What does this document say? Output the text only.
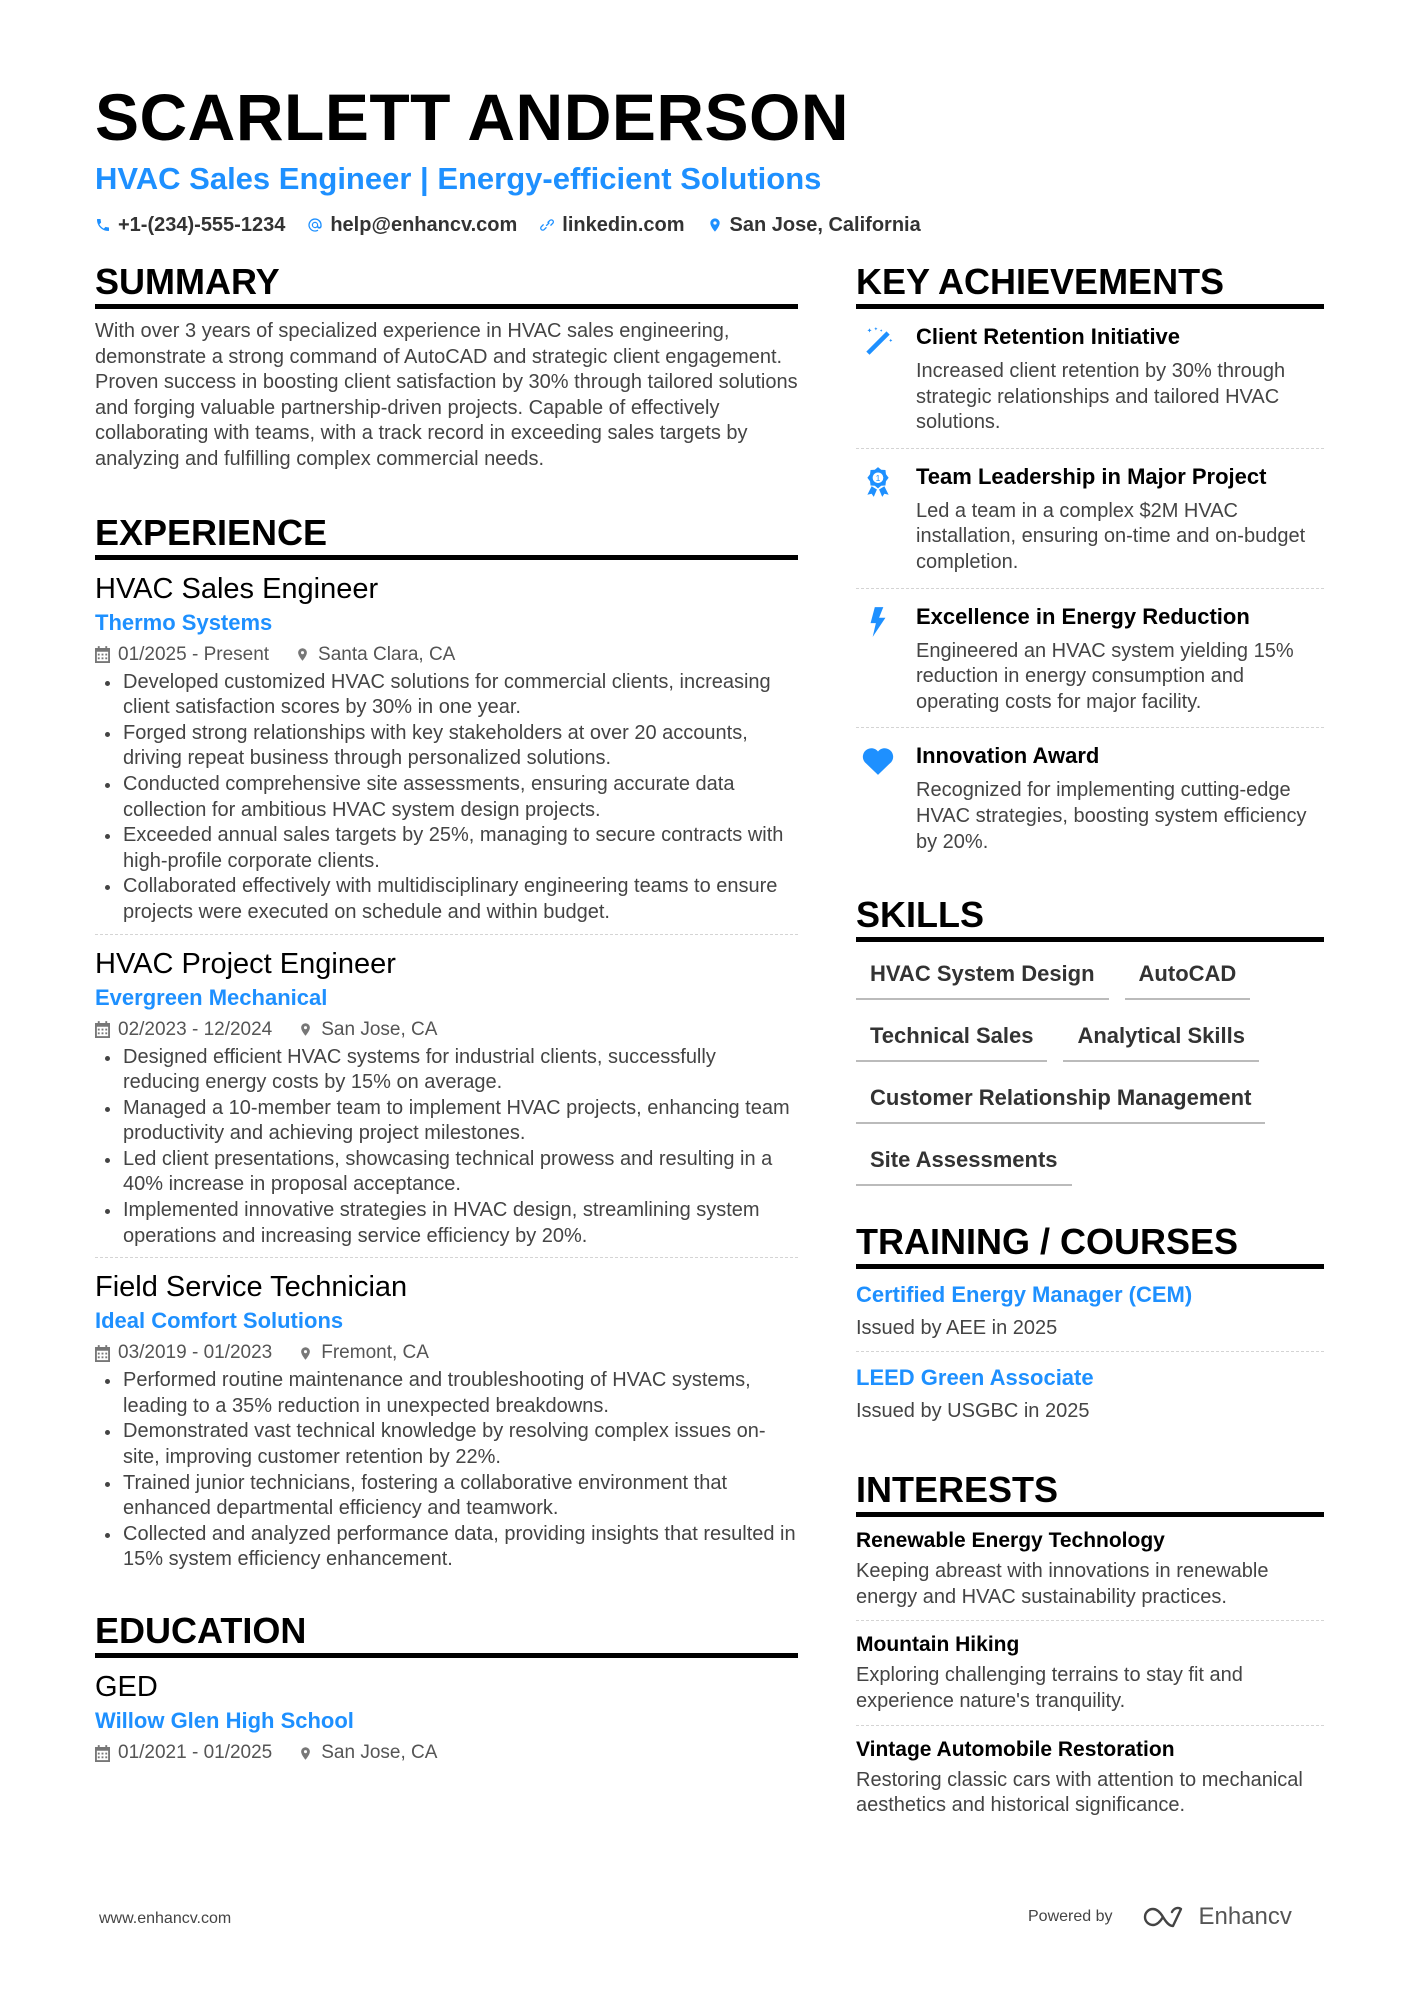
SCARLETT ANDERSON
HVAC Sales Engineer | Energy-efficient Solutions
+1-(234)-555-1234 help@enhancv.com linkedin.com San Jose, California
SUMMARY

With over 3 years of specialized experience in HVAC sales engineering, demonstrate a strong command of AutoCAD and strategic client engagement. Proven success in boosting client satisfaction by 30% through tailored solutions and forging valuable partnership-driven projects. Capable of effectively collaborating with teams, with a track record in exceeding sales targets by analyzing and fulfilling complex commercial needs.

EXPERIENCE
HVAC Sales Engineer
Thermo Systems
01/2025 - Present	Santa Clara, CA
Developed customized HVAC solutions for commercial clients, increasing client satisfaction scores by 30% in one year.
Forged strong relationships with key stakeholders at over 20 accounts, driving repeat business through personalized solutions.
Conducted comprehensive site assessments, ensuring accurate data collection for ambitious HVAC system design projects.
Exceeded annual sales targets by 25%, managing to secure contracts with high-profile corporate clients.
Collaborated effectively with multidisciplinary engineering teams to ensure projects were executed on schedule and within budget.
HVAC Project Engineer
Evergreen Mechanical
02/2023 - 12/2024	San Jose, CA
Designed efficient HVAC systems for industrial clients, successfully reducing energy costs by 15% on average.
Managed a 10-member team to implement HVAC projects, enhancing team productivity and achieving project milestones.
Led client presentations, showcasing technical prowess and resulting in a 40% increase in proposal acceptance.
Implemented innovative strategies in HVAC design, streamlining system operations and increasing service efficiency by 20%.
Field Service Technician
Ideal Comfort Solutions
03/2019 - 01/2023	Fremont, CA
Performed routine maintenance and troubleshooting of HVAC systems, leading to a 35% reduction in unexpected breakdowns.
Demonstrated vast technical knowledge by resolving complex issues on-site, improving customer retention by 22%.
Trained junior technicians, fostering a collaborative environment that enhanced departmental efficiency and teamwork.
Collected and analyzed performance data, providing insights that resulted in 15% system efficiency enhancement.
EDUCATION
GED
Willow Glen High School
01/2021 - 01/2025	San Jose, CA
KEY ACHIEVEMENTS
Client Retention Initiative
Increased client retention by 30% through strategic relationships and tailored HVAC solutions.
1 Team Leadership in Major Project
Led a team in a complex $2M HVAC installation, ensuring on-time and on-budget completion.
Excellence in Energy Reduction
Engineered an HVAC system yielding 15% reduction in energy consumption and operating costs for major facility.
Innovation Award
Recognized for implementing cutting-edge HVAC strategies, boosting system efficiency by 20%.
SKILLS
HVAC System Design	AutoCAD
Technical Sales	Analytical Skills
Customer Relationship Management
Site Assessments
TRAINING / COURSES
Certified Energy Manager (CEM)
Issued by AEE in 2025
LEED Green Associate
Issued by USGBC in 2025
INTERESTS
Renewable Energy Technology
Keeping abreast with innovations in renewable energy and HVAC sustainability practices.
Mountain Hiking
Exploring challenging terrains to stay fit and experience nature's tranquility.
Vintage Automobile Restoration
Restoring classic cars with attention to mechanical aesthetics and historical significance.
www.enhancv.com	Powered by	Enhancv
